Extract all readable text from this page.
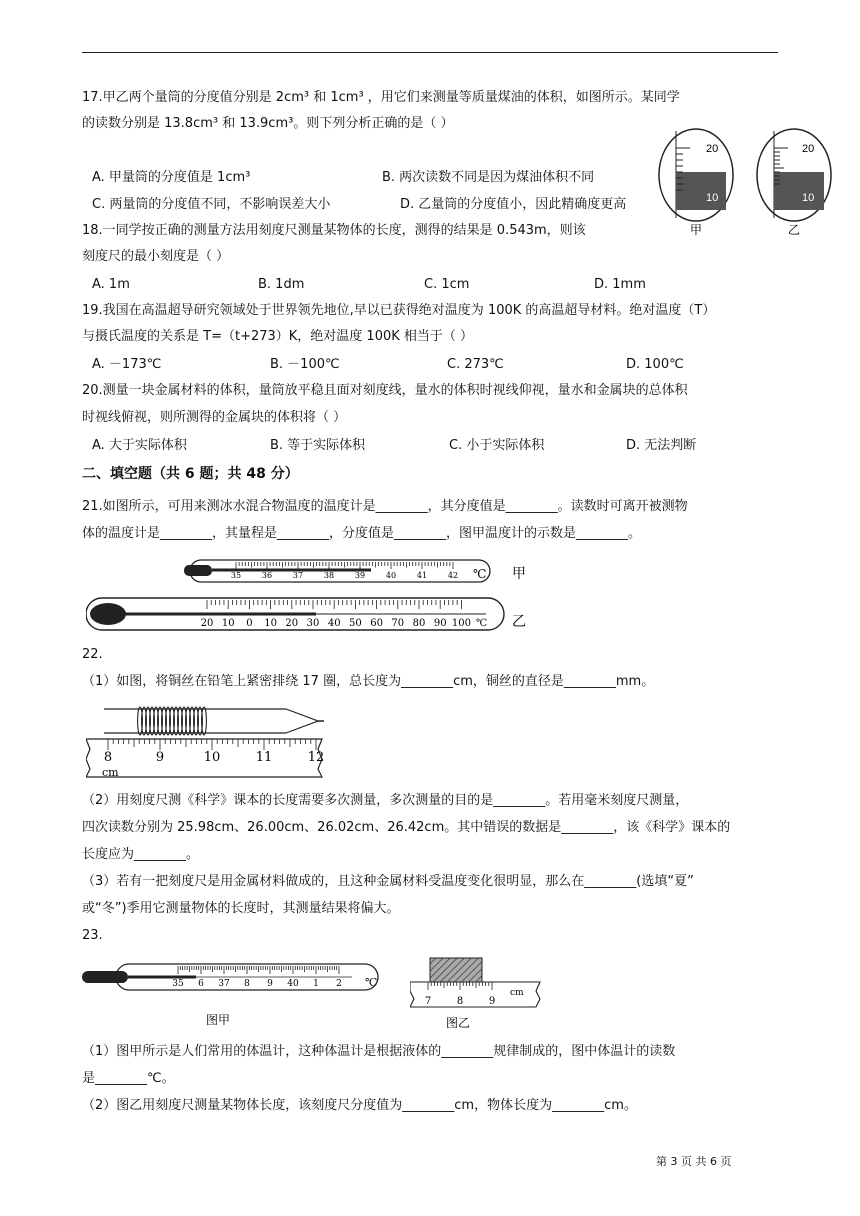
17.甲乙两个量筒的分度值分别是 2cm³ 和 1cm³ ，用它们来测量等质量煤油的体积，如图所示。某同学
的读数分别是 13.8cm³ 和 13.9cm³。则下列分析正确的是（ ）
A. 甲量筒的分度值是 1cm³	B. 两次读数不同是因为煤油体积不同
C. 两量筒的分度值不同，不影响误差大小	D. 乙量筒的分度值小，因此精确度更高
20
10
甲
20
10
乙
18.一同学按正确的测量方法用刻度尺测量某物体的长度，测得的结果是 0.543m，则该
刻度尺的最小刻度是（ ）
A. 1m	B. 1dm	C. 1cm	D. 1mm
19.我国在高温超导研究领域处于世界领先地位,早以已获得绝对温度为 100K 的高温超导材料。绝对温度（T）
与摄氏温度的关系是 T=（t+273）K，绝对温度 100K 相当于（ ）
A. －173℃	B. －100℃	C. 273℃	D. 100℃
20.测量一块金属材料的体积，量筒放平稳且面对刻度线，量水的体积时视线仰视，量水和金属块的总体积
时视线俯视，则所测得的金属块的体积将（ ）
A. 大于实际体积	B. 等于实际体积	C. 小于实际体积	D. 无法判断
二、填空题（共 6 题；共 48 分）
21.如图所示，可用来测冰水混合物温度的温度计是________，其分度值是________。读数时可离开被测物
体的温度计是________，其量程是________，分度值是________，图甲温度计的示数是________。
35	36	37	38	39	40	41	42 ℃ 甲
20 10 0 10 20 30 40 50 60 70 80 90 100 ℃ 乙
22.
（1）如图，将铜丝在铅笔上紧密排绕 17 圈，总长度为________cm，铜丝的直径是________mm。
8	9	10	11	12
cm
（2）用刻度尺测《科学》课本的长度需要多次测量，多次测量的目的是________。若用毫米刻度尺测量，
四次读数分别为 25.98cm、26.00cm、26.02cm、26.42cm。其中错误的数据是________，该《科学》课本的
长度应为________。
（3）若有一把刻度尺是用金属材料做成的，且这种金属材料受温度变化很明显，那么在________(选填“夏”
或“冬”)季用它测量物体的长度时，其测量结果将偏大。
23.
35 6 37 8 9 40 1 2 ℃
图甲
7	8	9
cm
图乙
（1）图甲所示是人们常用的体温计，这种体温计是根据液体的________规律制成的，图中体温计的读数
是________℃。
（2）图乙用刻度尺测量某物体长度，该刻度尺分度值为________cm，物体长度为________cm。
第 3 页 共 6 页
